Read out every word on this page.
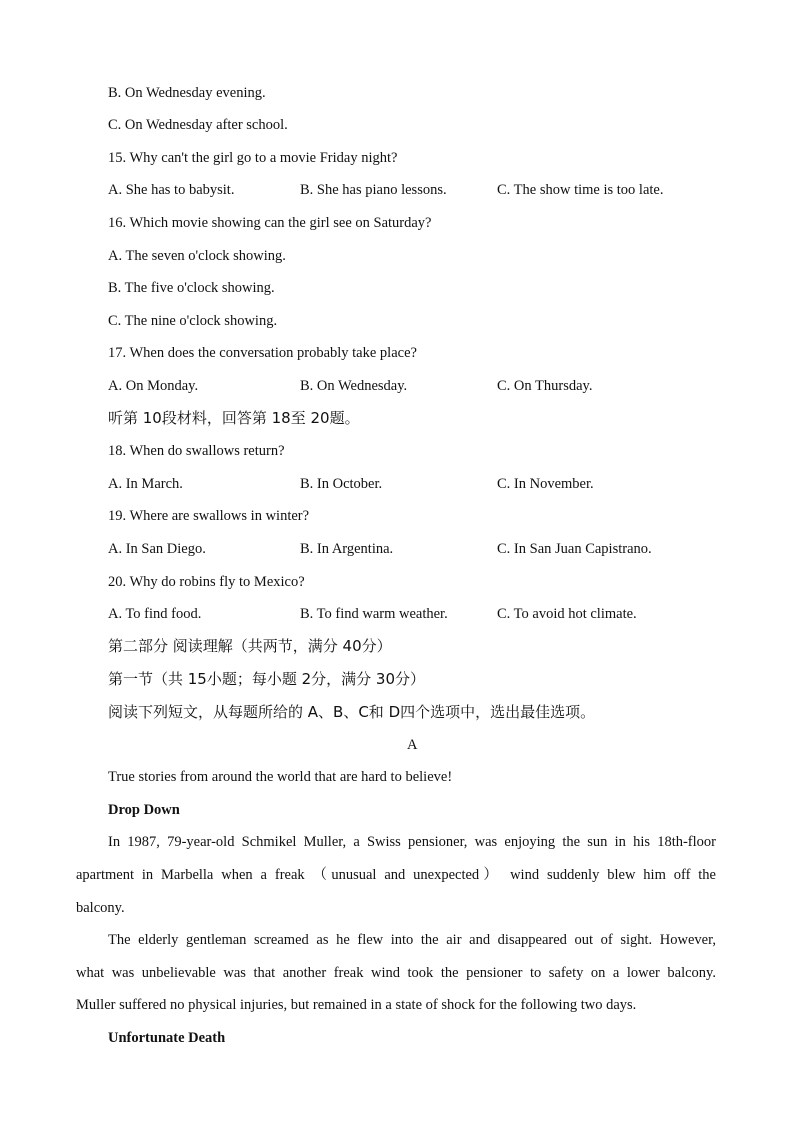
B. On Wednesday evening.
C. On Wednesday after school.
15. Why can't the girl go to a movie Friday night?
A. She has to babysit.	B. She has piano lessons.	C. The show time is too late.
16. Which movie showing can the girl see on Saturday?
A. The seven o'clock showing.
B. The five o'clock showing.
C. The nine o'clock showing.
17. When does the conversation probably take place?
A. On Monday.	B. On Wednesday.	C. On Thursday.
听第 10段材料，回答第 18至 20题。
18. When do swallows return?
A. In March.	B. In October.	C. In November.
19. Where are swallows in winter?
A. In San Diego.	B. In Argentina.	C. In San Juan Capistrano.
20. Why do robins fly to Mexico?
A. To find food.	B. To find warm weather.	C. To avoid hot climate.
第二部分 阅读理解（共两节，满分 40分）
第一节（共 15小题；每小题 2分，满分 30分）
阅读下列短文，从每题所给的 A、B、C和 D四个选项中，选出最佳选项。
A
True stories from around the world that are hard to believe!
Drop Down
In 1987, 79-year-old Schmikel Muller, a Swiss pensioner, was enjoying the sun in his 18th-floor
apartment in Marbella when a freak （unusual and unexpected） wind suddenly blew him off the
balcony.
The elderly gentleman screamed as he flew into the air and disappeared out of sight. However,
what was unbelievable was that another freak wind took the pensioner to safety on a lower balcony.
Muller suffered no physical injuries, but remained in a state of shock for the following two days.
Unfortunate Death
